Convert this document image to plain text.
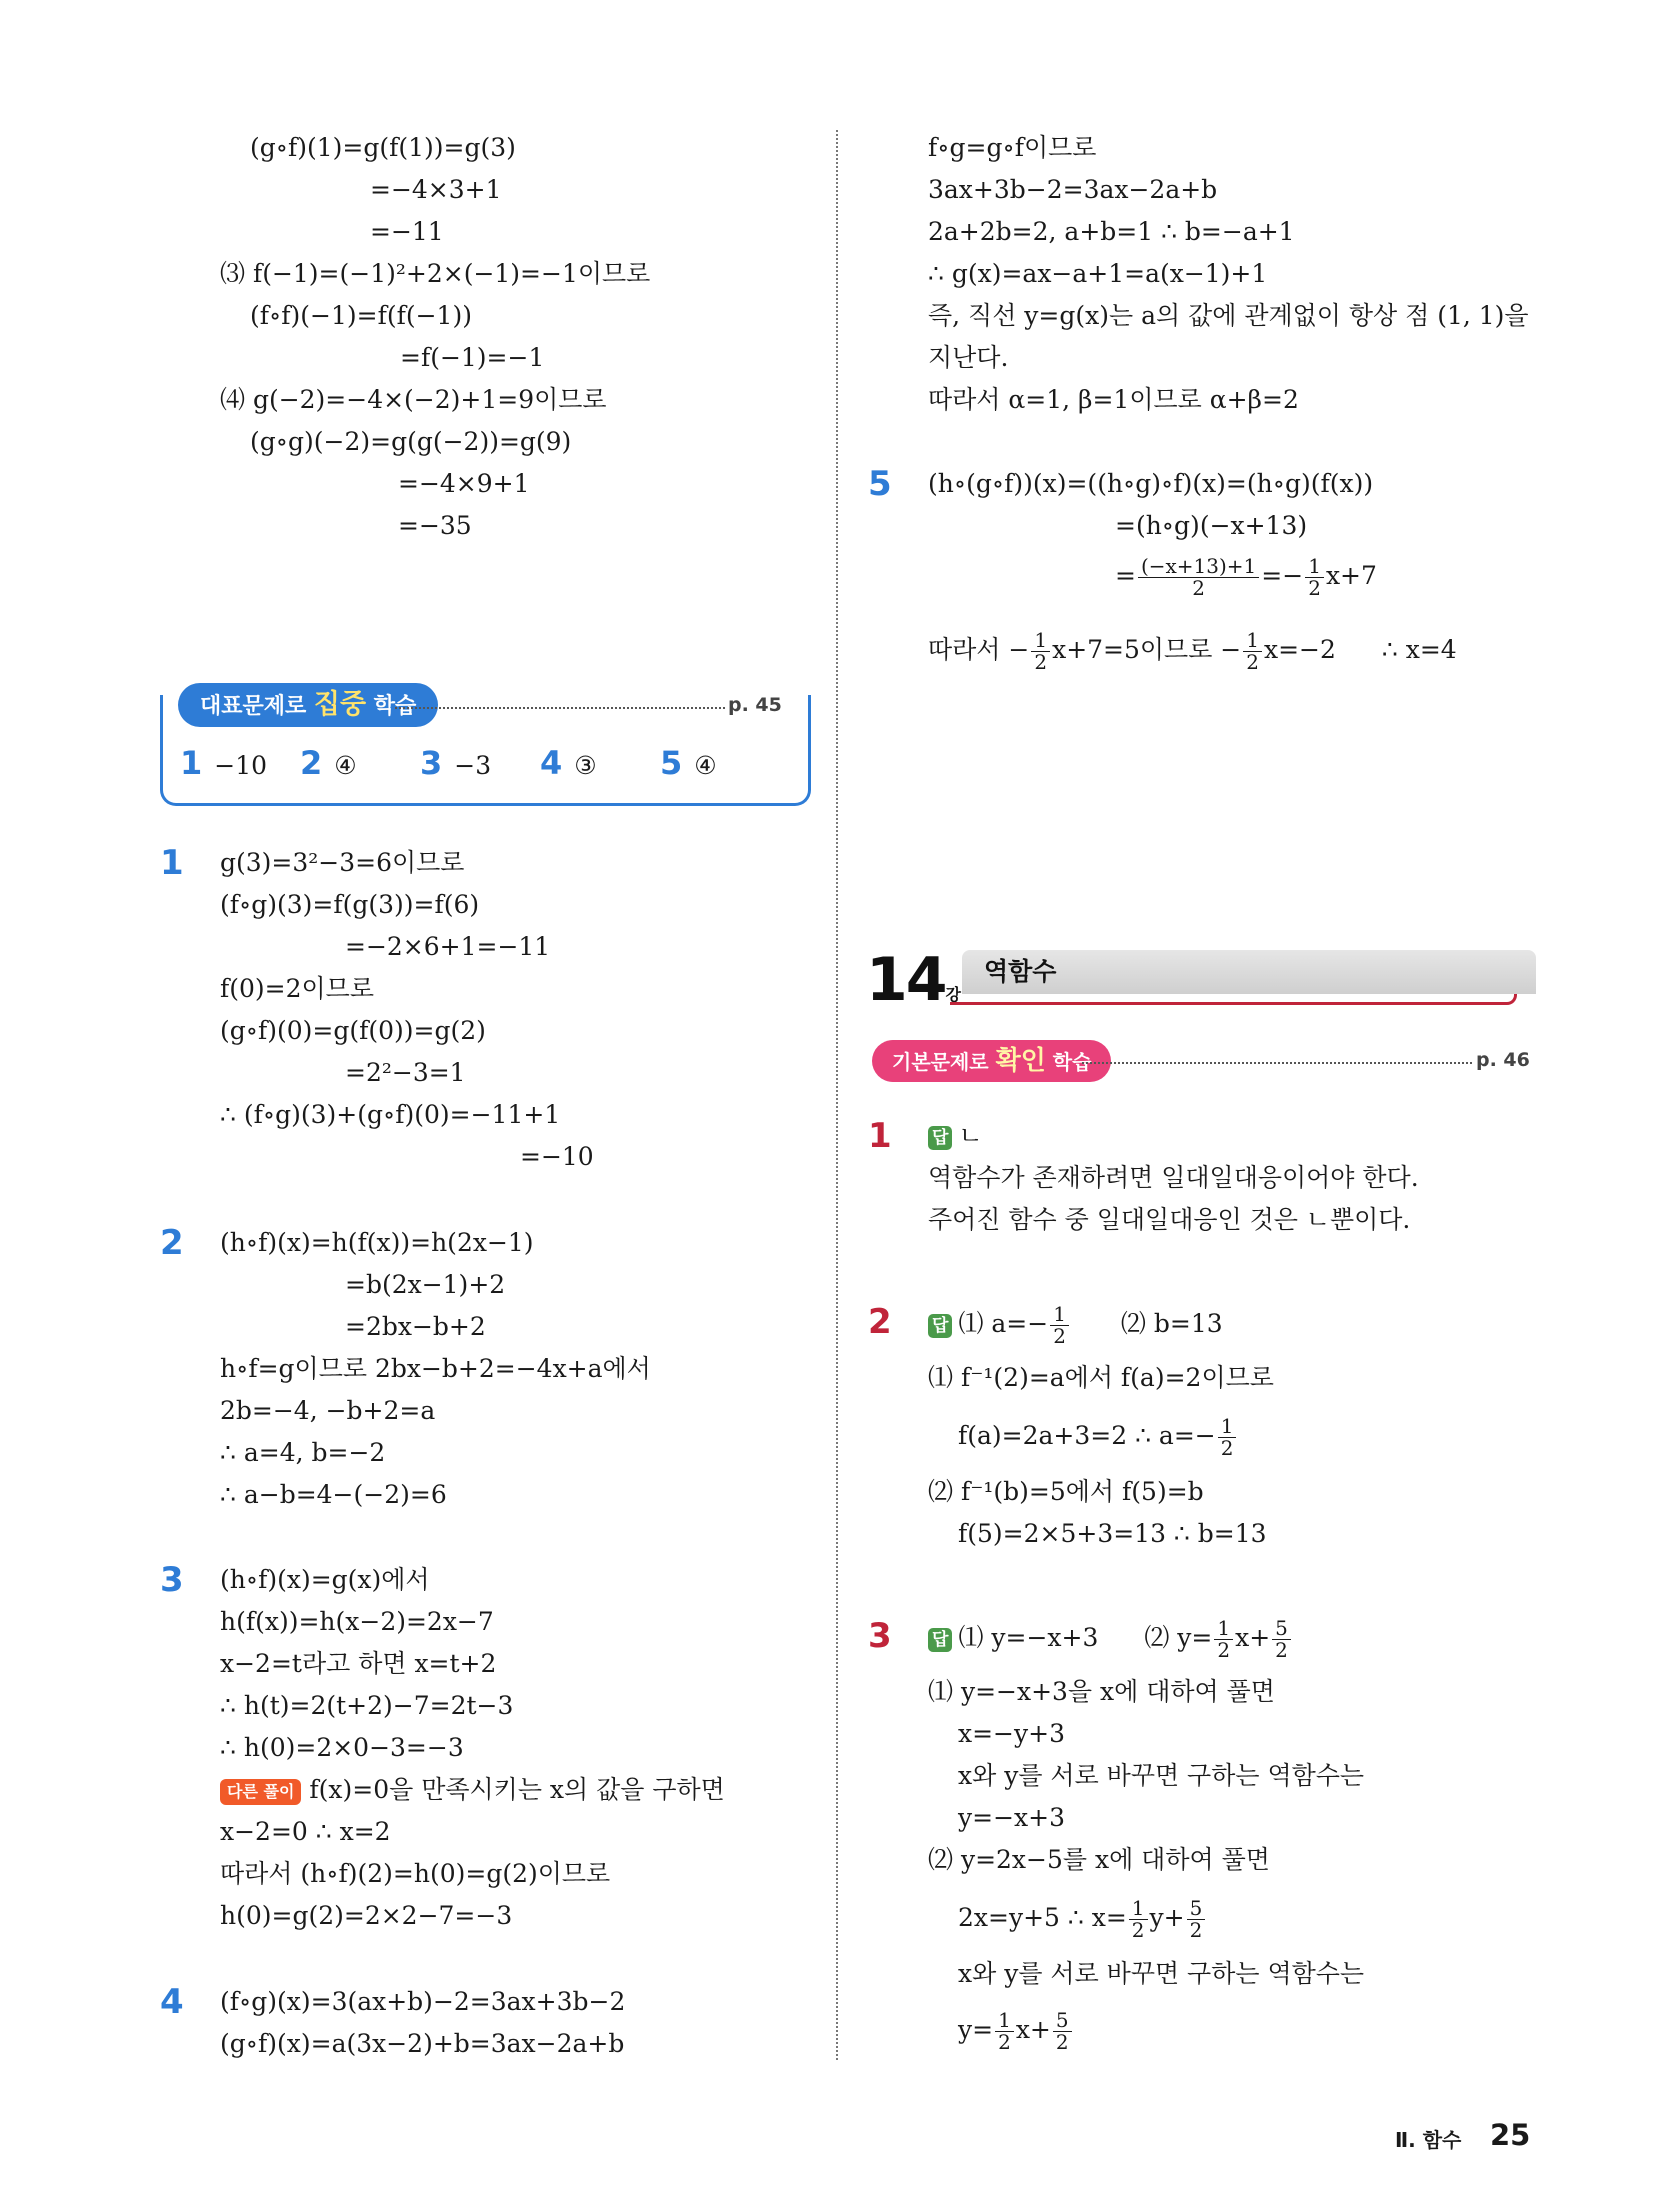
(g∘f)(1)=g(f(1))=g(3)
=−4×3+1
=−11
⑶ f(−1)=(−1)²+2×(−1)=−1이므로
(f∘f)(−1)=f(f(−1))
=f(−1)=−1
⑷ g(−2)=−4×(−2)+1=9이므로
(g∘g)(−2)=g(g(−2))=g(9)
=−4×9+1
=−35
대표문제로 집중 학습	p. 45
1 −10 2 ④ 3 −3 4 ③ 5 ④
1 g(3)=3²−3=6이므로
(f∘g)(3)=f(g(3))=f(6)
=−2×6+1=−11
f(0)=2이므로
(g∘f)(0)=g(f(0))=g(2)
=2²−3=1
∴ (f∘g)(3)+(g∘f)(0)=−11+1
=−10
2 (h∘f)(x)=h(f(x))=h(2x−1)
=b(2x−1)+2
=2bx−b+2
h∘f=g이므로 2bx−b+2=−4x+a에서
2b=−4, −b+2=a
∴ a=4, b=−2
∴ a−b=4−(−2)=6
3 (h∘f)(x)=g(x)에서
h(f(x))=h(x−2)=2x−7
x−2=t라고 하면 x=t+2
∴ h(t)=2(t+2)−7=2t−3
∴ h(0)=2×0−3=−3
다른 풀이 f(x)=0을 만족시키는 x의 값을 구하면
x−2=0 ∴ x=2
따라서 (h∘f)(2)=h(0)=g(2)이므로
h(0)=g(2)=2×2−7=−3
4 (f∘g)(x)=3(ax+b)−2=3ax+3b−2
(g∘f)(x)=a(3x−2)+b=3ax−2a+b
f∘g=g∘f이므로
3ax+3b−2=3ax−2a+b
2a+2b=2, a+b=1 ∴ b=−a+1
∴ g(x)=ax−a+1=a(x−1)+1
즉, 직선 y=g(x)는 a의 값에 관계없이 항상 점 (1, 1)을
지난다.
따라서 α=1, β=1이므로 α+β=2
5 (h∘(g∘f))(x)=((h∘g)∘f)(x)=(h∘g)(f(x))
=(h∘g)(−x+13)
= $\frac{(-x+13)+1}{2} =- \frac{1}{2} x+7$
따라서 − $\frac{1}{2} x+7=5$이므로 − $\frac{1}{2} x=-2$ ∴ x=4
14강
역함수
기본문제로 확인 학습	p. 46
1 답 ㄴ
역함수가 존재하려면 일대일대응이어야 한다.
주어진 함수 중 일대일대응인 것은 ㄴ뿐이다.
2 답 ⑴ $a=- \frac{1}{2}$ ⑵ b=13
⑴ f⁻¹(2)=a에서 f(a)=2이므로
f(a)=2a+3=2 ∴ $a=- \frac{1}{2}$
⑵ f⁻¹(b)=5에서 f(5)=b
f(5)=2×5+3=13 ∴ b=13
3 답 ⑴ y=−x+3 ⑵ $y= \frac{1}{2} x+ \frac{5}{2}$
⑴ y=−x+3을 x에 대하여 풀면
x=−y+3
x와 y를 서로 바꾸면 구하는 역함수는
y=−x+3
⑵ y=2x−5를 x에 대하여 풀면
2x=y+5 ∴ $x= \frac{1}{2} y+ \frac{5}{2}$
x와 y를 서로 바꾸면 구하는 역함수는
$y= \frac{1}{2} x+ \frac{5}{2}$
Ⅱ. 함수 25
